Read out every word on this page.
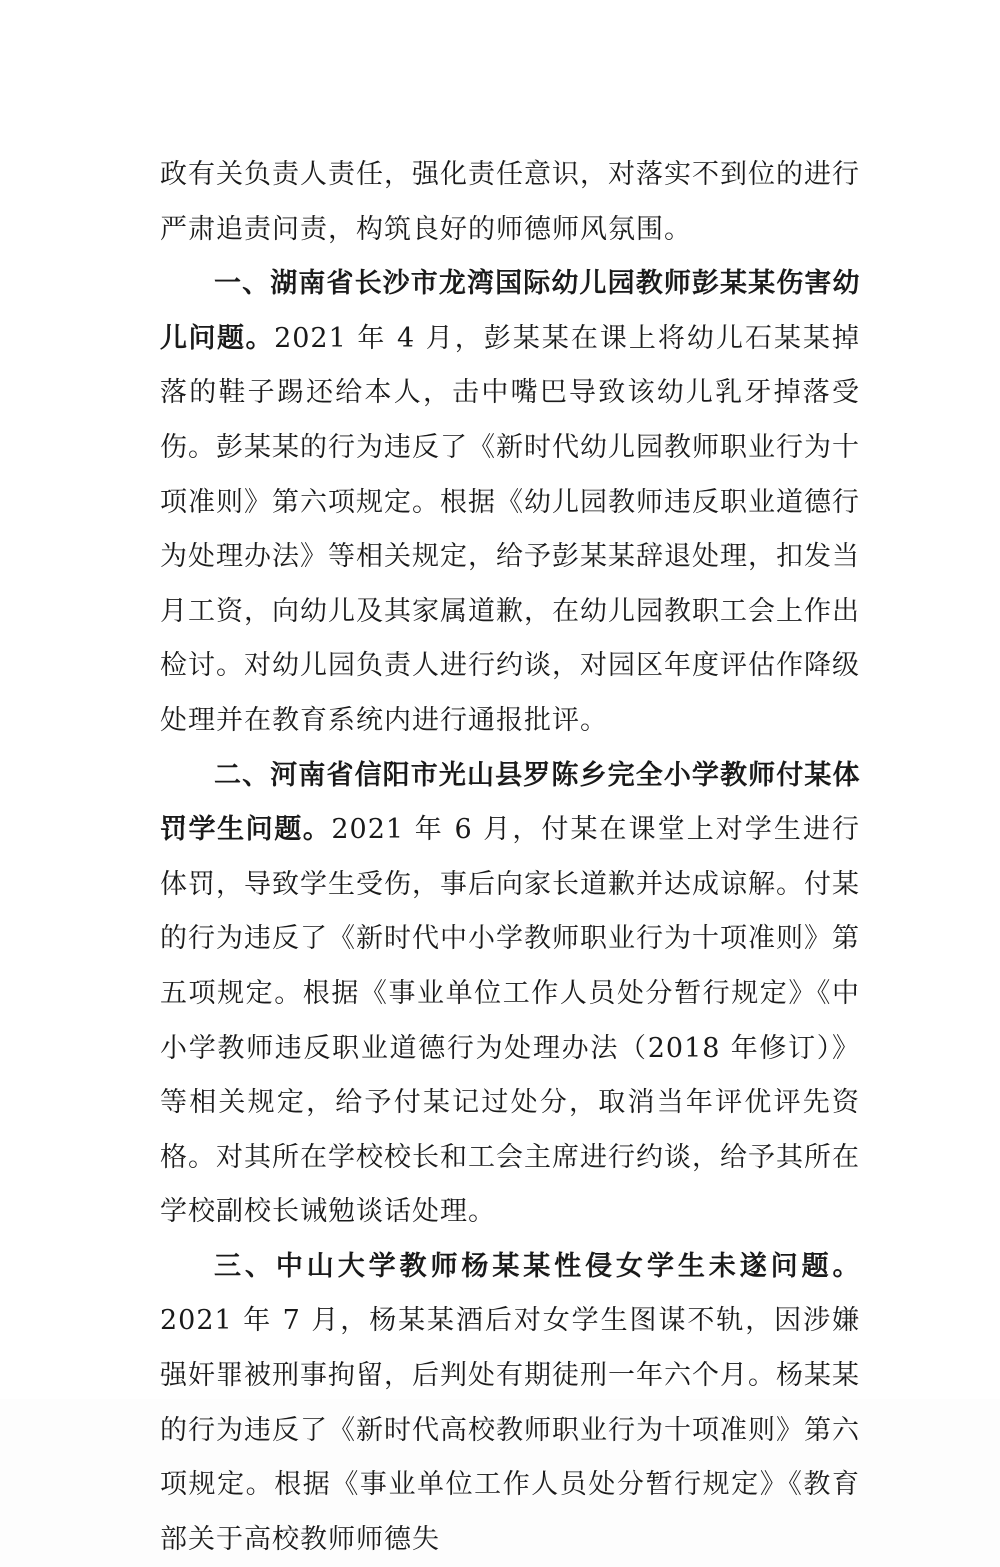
政有关负责人责任，强化责任意识，对落实不到位的进行严肃追责问责，构筑良好的师德师风氛围。

一、湖南省长沙市龙湾国际幼儿园教师彭某某伤害幼儿问题。2021 年 4 月，彭某某在课上将幼儿石某某掉落的鞋子踢还给本人，击中嘴巴导致该幼儿乳牙掉落受伤。彭某某的行为违反了《新时代幼儿园教师职业行为十项准则》第六项规定。根据《幼儿园教师违反职业道德行为处理办法》等相关规定，给予彭某某辞退处理，扣发当月工资，向幼儿及其家属道歉，在幼儿园教职工会上作出检讨。对幼儿园负责人进行约谈，对园区年度评估作降级处理并在教育系统内进行通报批评。

二、河南省信阳市光山县罗陈乡完全小学教师付某体罚学生问题。2021 年 6 月，付某在课堂上对学生进行体罚，导致学生受伤，事后向家长道歉并达成谅解。付某的行为违反了《新时代中小学教师职业行为十项准则》第五项规定。根据《事业单位工作人员处分暂行规定》《中小学教师违反职业道德行为处理办法（2018 年修订）》等相关规定，给予付某记过处分，取消当年评优评先资格。对其所在学校校长和工会主席进行约谈，给予其所在学校副校长诫勉谈话处理。

三、中山大学教师杨某某性侵女学生未遂问题。2021 年 7 月，杨某某酒后对女学生图谋不轨，因涉嫌强奸罪被刑事拘留，后判处有期徒刑一年六个月。杨某某的行为违反了《新时代高校教师职业行为十项准则》第六项规定。根据《事业单位工作人员处分暂行规定》《教育部关于高校教师师德失
